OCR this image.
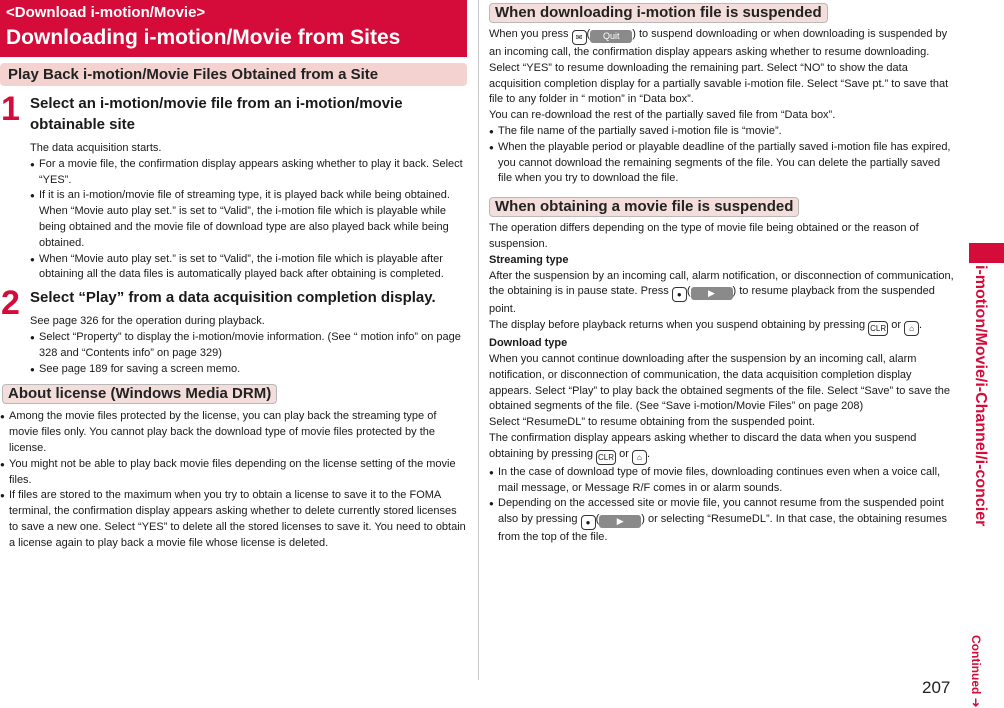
<Download i-motion/Movie>
Downloading i-motion/Movie from Sites
Play Back i-motion/Movie Files Obtained from a Site
1 Select an i-motion/movie file from an i-motion/movie obtainable site
The data acquisition starts.
● For a movie file, the confirmation display appears asking whether to play it back. Select “YES”.
● If it is an i-motion/movie file of streaming type, it is played back while being obtained.
When “Movie auto play set.” is set to “Valid”, the i-motion file which is playable while being obtained and the movie file of download type are also played back while being obtained.
● When “Movie auto play set.” is set to “Valid”, the i-motion file which is playable after obtaining all the data files is automatically played back after obtaining is completed.
2 Select “Play” from a data acquisition completion display.
See page 326 for the operation during playback.
● Select “Property” to display the i-motion/movie information. (See “ motion info” on page 328 and “Contents info” on page 329)
● See page 189 for saving a screen memo.
About license (Windows Media DRM)
● Among the movie files protected by the license, you can play back the streaming type of movie files only. You cannot play back the download type of movie files protected by the license.
● You might not be able to play back movie files depending on the license setting of the movie files.
● If files are stored to the maximum when you try to obtain a license to save it to the FOMA terminal, the confirmation display appears asking whether to delete currently stored licenses to save a new one. Select “YES” to delete all the stored licenses to save it. You need to obtain a license again to play back a movie file whose license is deleted.
When downloading i-motion file is suspended
When you press ✉ ( Quit ) to suspend downloading or when downloading is suspended by an incoming call, the confirmation display appears asking whether to resume downloading.
Select “YES” to resume downloading the remaining part. Select “NO” to show the data acquisition completion display for a partially savable i-motion file. Select “Save pt.” to save that file to any folder in “ motion” in “Data box”.
You can re-download the rest of the partially saved file from “Data box”.
● The file name of the partially saved i-motion file is “movie”.
● When the playable period or playable deadline of the partially saved i-motion file has expired, you cannot download the remaining segments of the file. You can delete the partially saved file when you try to download the file.
When obtaining a movie file is suspended
The operation differs depending on the type of movie file being obtained or the reason of suspension.
Streaming type
After the suspension by an incoming call, alarm notification, or disconnection of communication, the obtaining is in pause state. Press ● ( ▶ ) to resume playback from the suspended point.
The display before playback returns when you suspend obtaining by pressing CLR or ⌂ .
Download type
When you cannot continue downloading after the suspension by an incoming call, alarm notification, or disconnection of communication, the data acquisition completion display appears. Select “Play” to play back the obtained segments of the file. Select “Save” to save the obtained segments of the file. (See “Save i-motion/Movie Files” on page 208)
Select “ResumeDL” to resume obtaining from the suspended point.
The confirmation display appears asking whether to discard the data when you suspend obtaining by pressing CLR or ⌂ .
● In the case of download type of movie files, downloading continues even when a voice call, mail message, or Message R/F comes in or alarm sounds.
● Depending on the accessed site or movie file, you cannot resume from the suspended point also by pressing ● ( ▶ ) or selecting “ResumeDL”. In that case, the obtaining resumes from the top of the file.
i-motion/Movie/i-Channel/i-concier
Continued ➜
207
